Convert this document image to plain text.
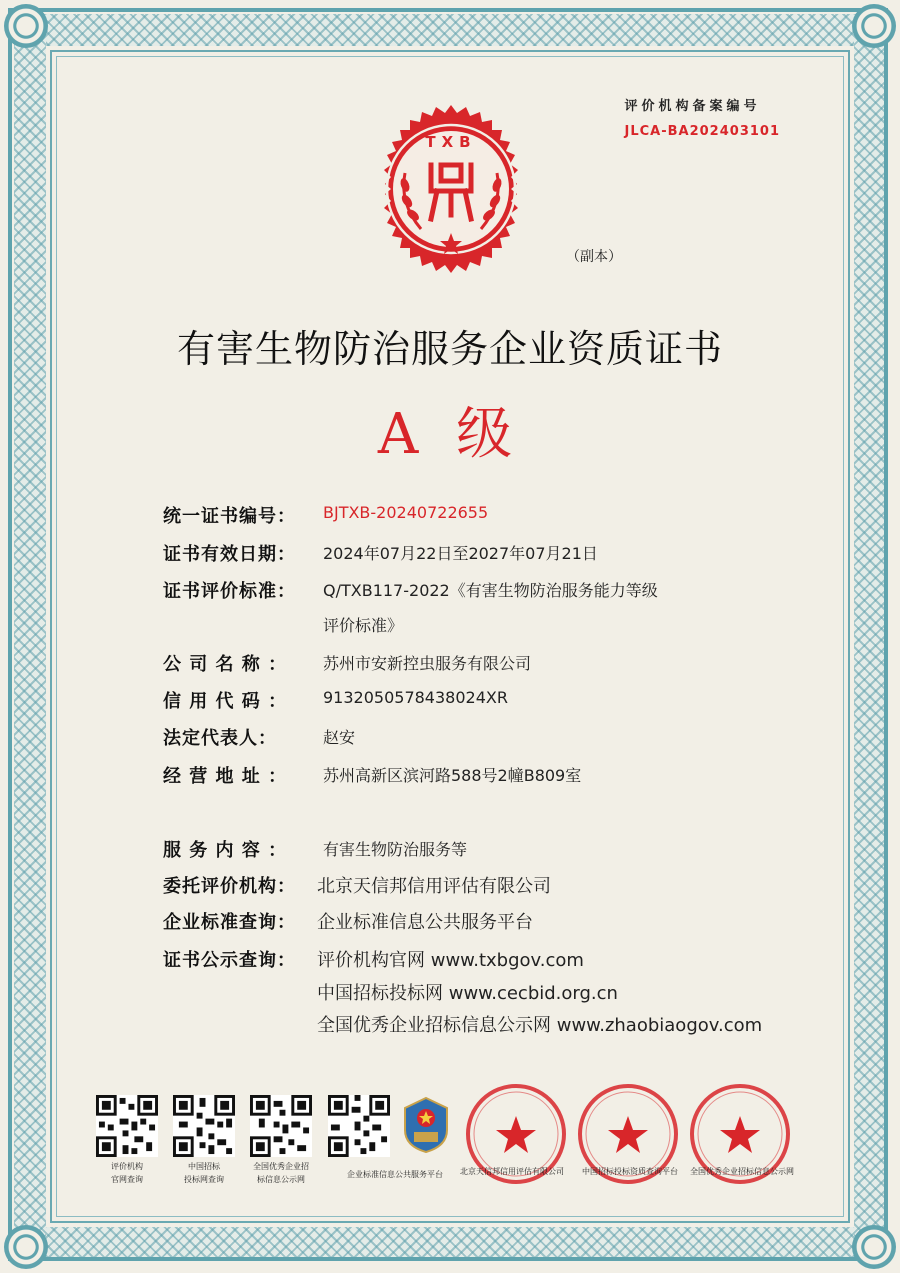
评价机构备案编号
JLCA-BA202403101
TXB
（副本）
有害生物防治服务企业资质证书
A 级
统一证书编号： BJTXB-20240722655
证书有效日期： 2024年07月22日至2027年07月21日
证书评价标准： Q/TXB117-2022《有害生物防治服务能力等级
评价标准》
公 司 名 称 ： 苏州市安新控虫服务有限公司
信 用 代 码 ： 9132050578438024XR
法定代表人：	赵安
经 营 地 址 ： 苏州高新区滨河路588号2幢B809室
服 务 内 容 ： 有害生物防治服务等
委托评价机构： 北京天信邦信用评估有限公司
企业标准查询： 企业标准信息公共服务平台
证书公示查询： 评价机构官网 www.txbgov.com
中国招标投标网 www.cecbid.org.cn
全国优秀企业招标信息公示网 www.zhaobiaogov.com
评价机构
官网查询
中国招标
投标网查询
全国优秀企业招
标信息公示网
企业标准信息公共服务平台	北京天信邦信用评估有限公司 中国招标投标资质查询平台 全国优秀企业招标信息公示网
